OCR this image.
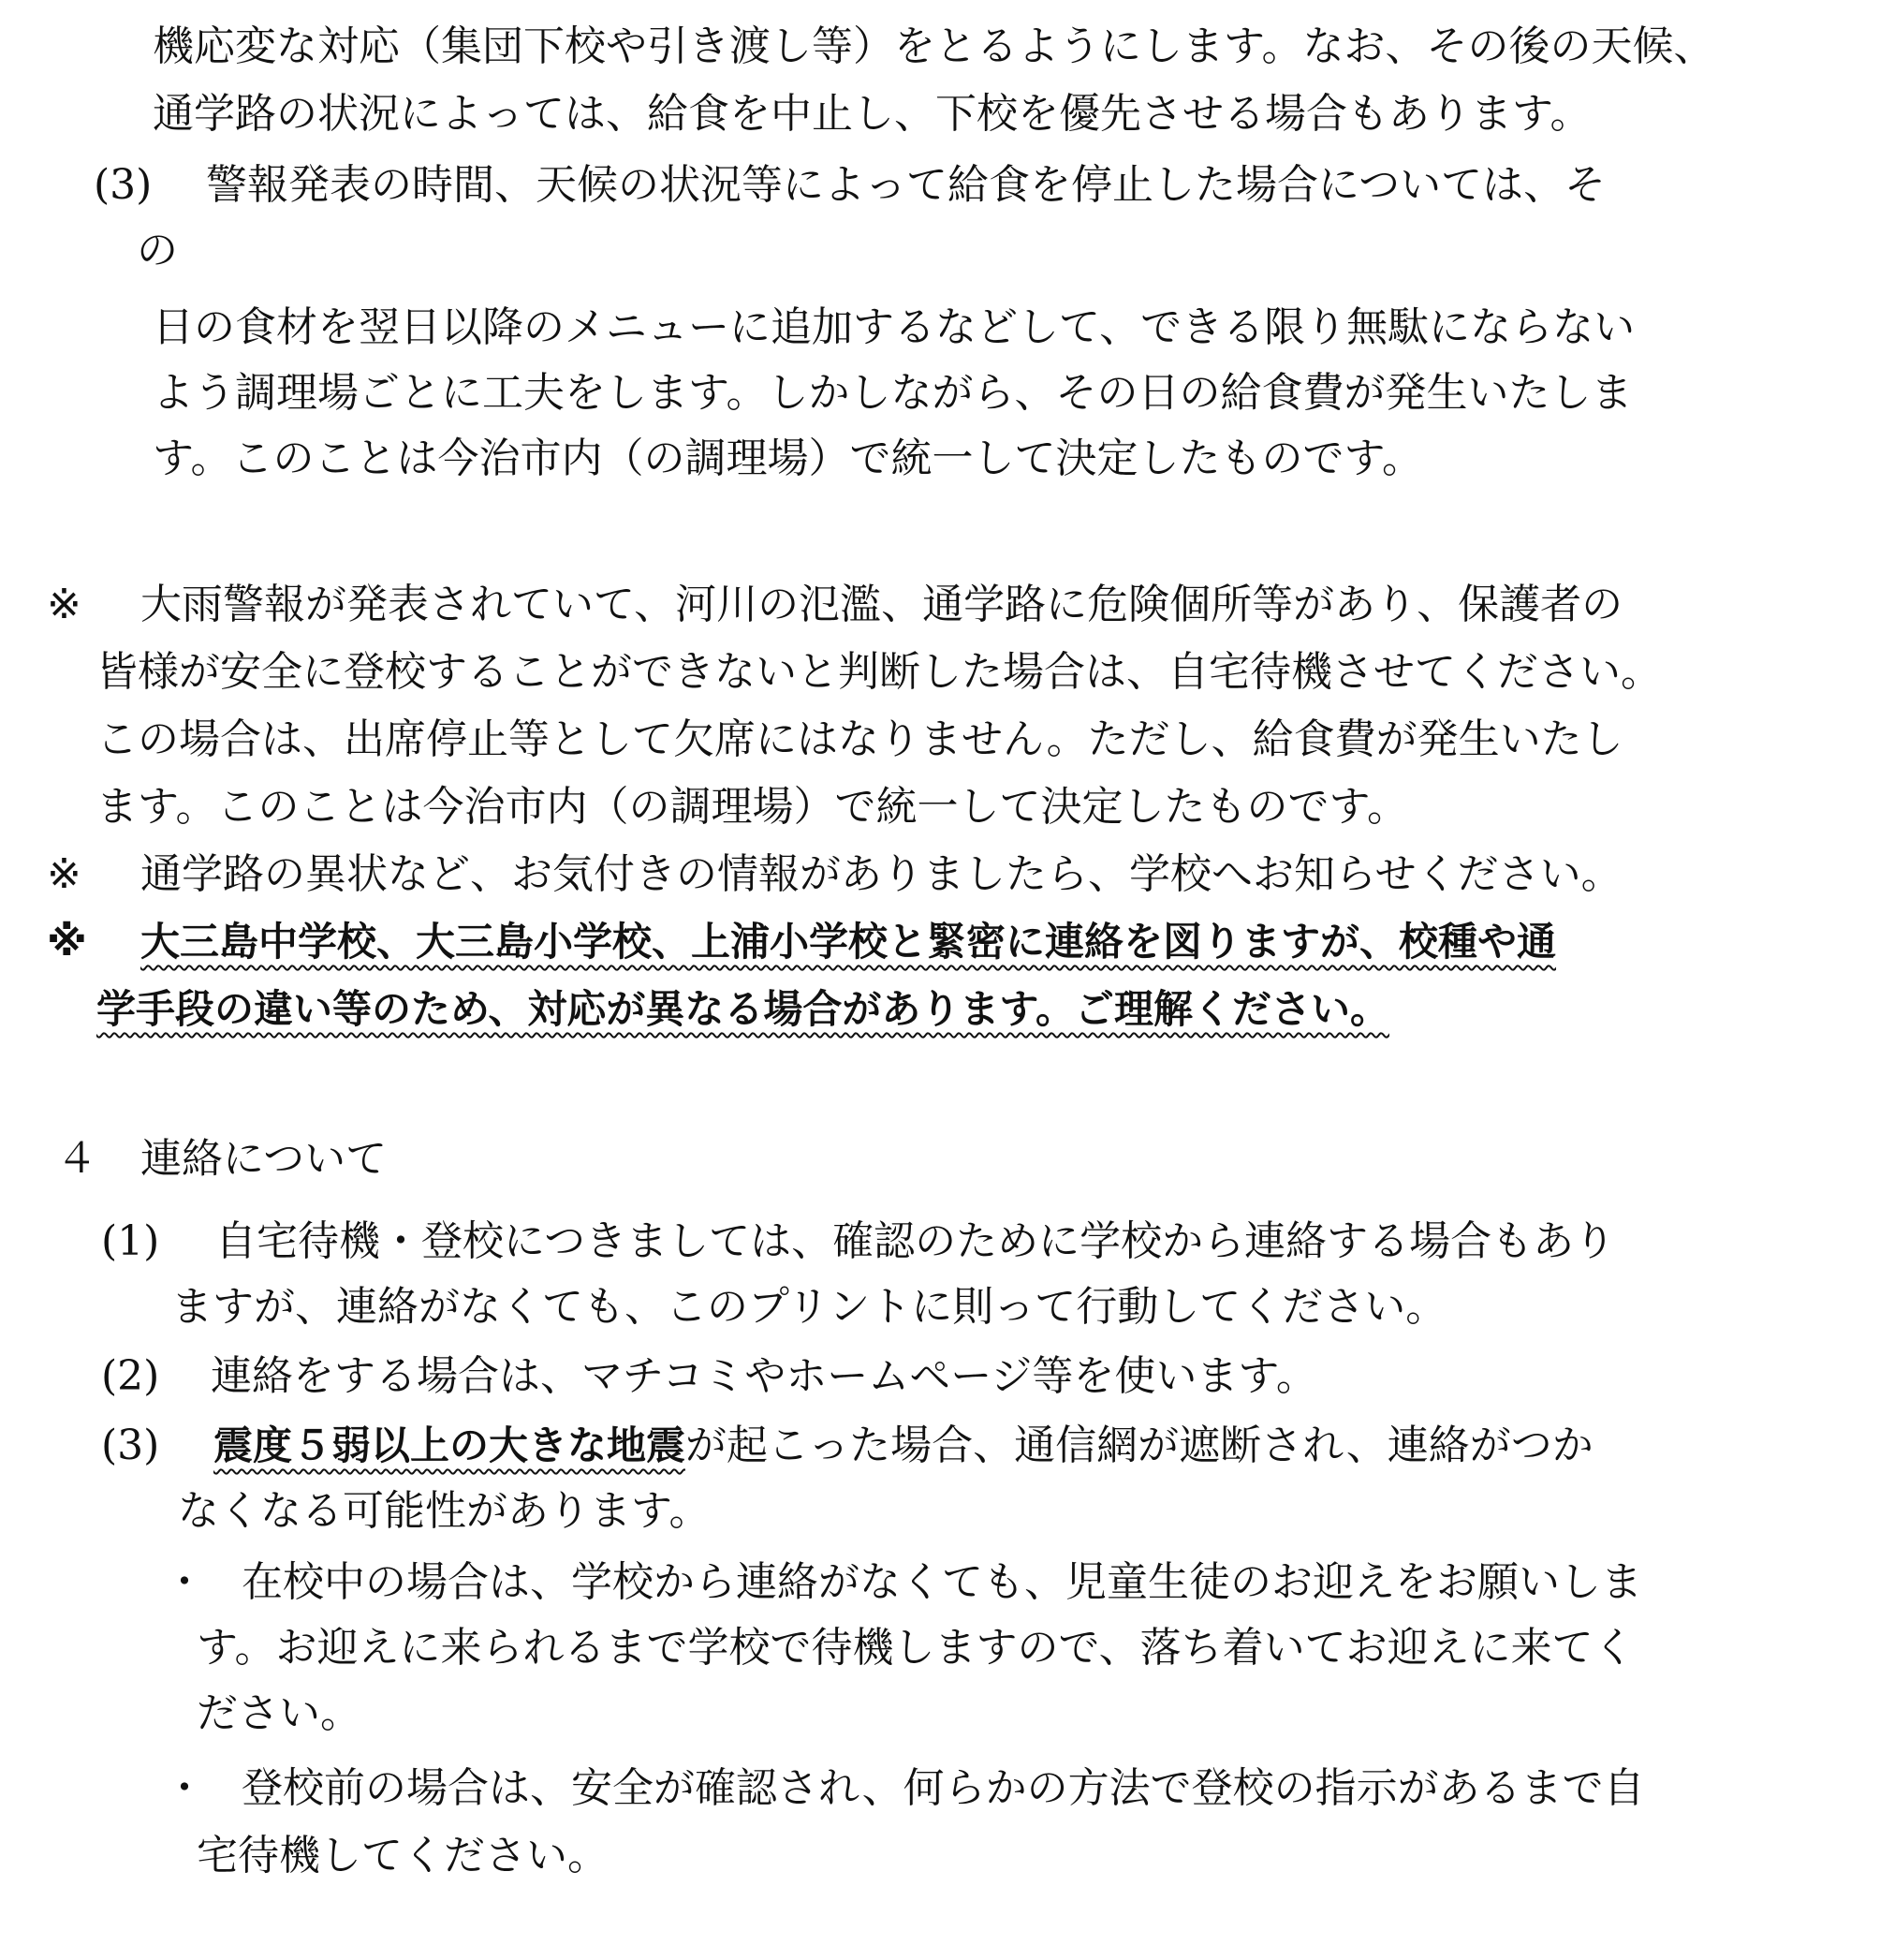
機応変な対応（集団下校や引き渡し等）をとるようにします。なお、その後の天候、
通学路の状況によっては、給食を中止し、下校を優先させる場合もあります。
(3) 警報発表の時間、天候の状況等によって給食を停止した場合については、そ
の
日の食材を翌日以降のメニューに追加するなどして、できる限り無駄にならない
よう調理場ごとに工夫をします。しかしながら、その日の給食費が発生いたしま
す。このことは今治市内（の調理場）で統一して決定したものです。
※ 大雨警報が発表されていて、河川の氾濫、通学路に危険個所等があり、保護者の
皆様が安全に登校することができないと判断した場合は、自宅待機させてください。
この場合は、出席停止等として欠席にはなりません。ただし、給食費が発生いたし
ます。このことは今治市内（の調理場）で統一して決定したものです。
※ 通学路の異状など、お気付きの情報がありましたら、学校へお知らせください。
※ 大三島中学校、大三島小学校、上浦小学校と緊密に連絡を図りますが、校種や通
学手段の違い等のため、対応が異なる場合があります。ご理解ください。
４ 連絡について
(1) 自宅待機・登校につきましては、確認のために学校から連絡する場合もあり
ますが、連絡がなくても、このプリントに則って行動してください。
(2) 連絡をする場合は、マチコミやホームページ等を使います。
(3) 震度５弱以上の大きな地震が起こった場合、通信網が遮断され、連絡がつか
なくなる可能性があります。
・ 在校中の場合は、学校から連絡がなくても、児童生徒のお迎えをお願いしま
す。お迎えに来られるまで学校で待機しますので、落ち着いてお迎えに来てく
ださい。
・ 登校前の場合は、安全が確認され、何らかの方法で登校の指示があるまで自
宅待機してください。
